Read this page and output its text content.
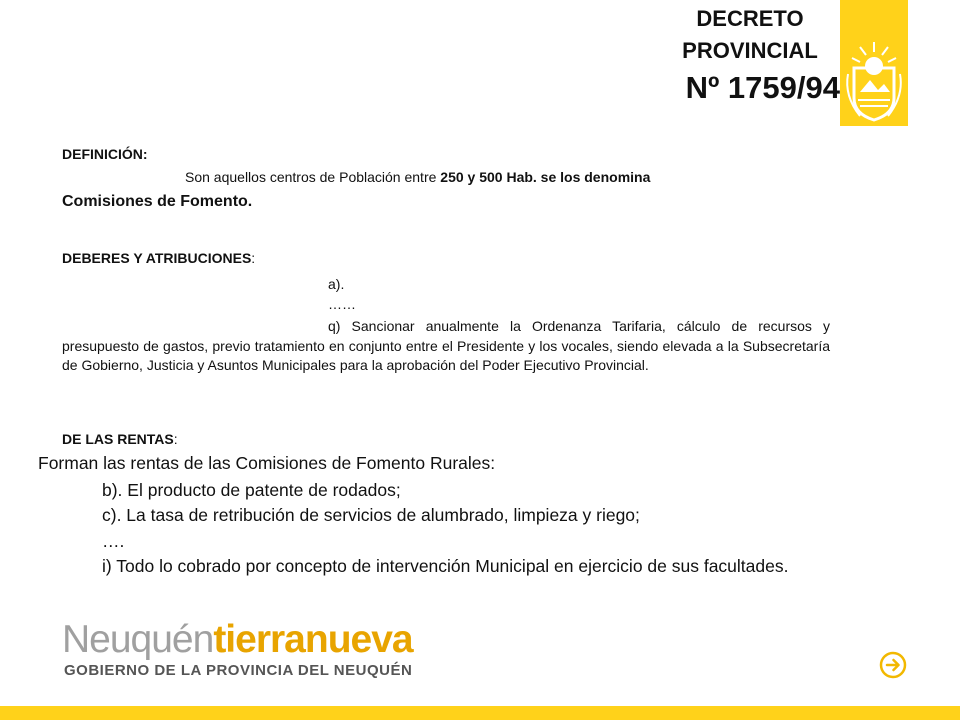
DECRETO
PROVINCIAL
Nº 1759/94
DEFINICIÓN:
Son aquellos centros de Población entre 250 y 500 Hab. se los denomina
Comisiones de Fomento.
DEBERES Y ATRIBUCIONES:
a).
……
q) Sancionar anualmente la Ordenanza Tarifaria, cálculo de recursos y presupuesto de gastos, previo tratamiento en conjunto entre el Presidente y los vocales, siendo elevada a la Subsecretaría de Gobierno, Justicia y Asuntos Municipales para la aprobación del Poder Ejecutivo Provincial.
DE LAS RENTAS:
Forman las rentas de las Comisiones de Fomento Rurales:
b). El producto de patente de rodados;
c). La tasa de retribución de servicios de alumbrado, limpieza y riego;
….
i) Todo lo cobrado por concepto de intervención Municipal en ejercicio de sus facultades.
Neuquéntierranueva
GOBIERNO DE LA PROVINCIA DEL NEUQUÉN
